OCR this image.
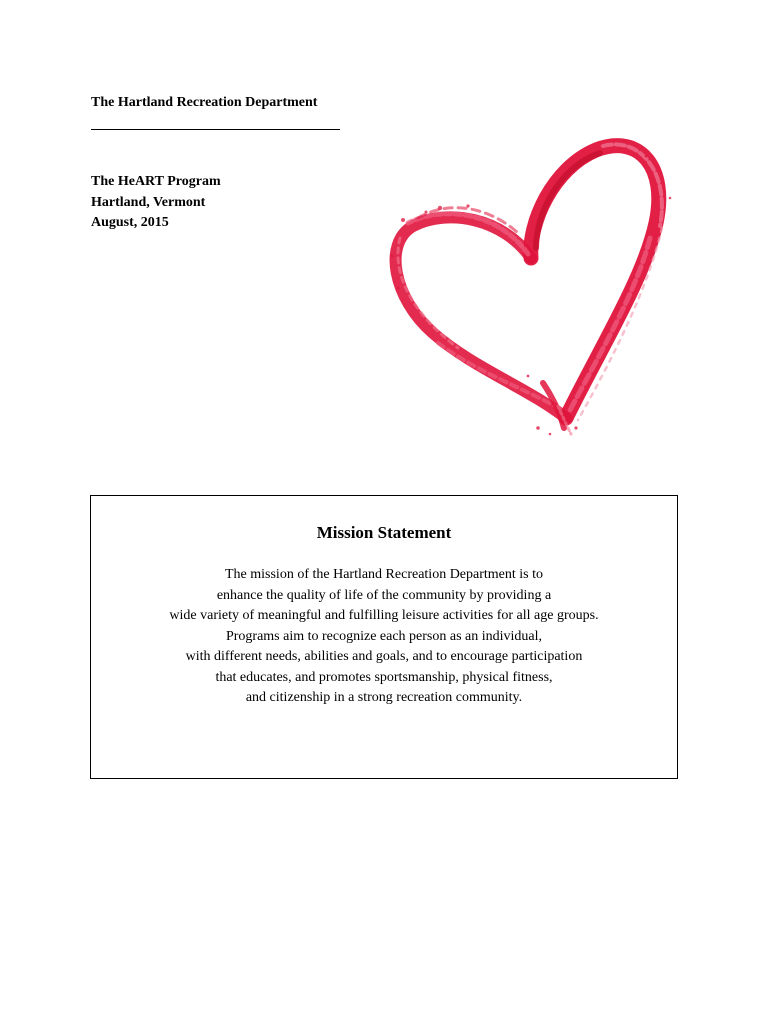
The Hartland Recreation Department
The HeART Program
Hartland, Vermont
August, 2015
Mission Statement
The mission of the Hartland Recreation Department is to
enhance the quality of life of the community by providing a
wide variety of meaningful and fulfilling leisure activities for all age groups.
Programs aim to recognize each person as an individual,
with different needs, abilities and goals, and to encourage participation
that educates, and promotes sportsmanship, physical fitness,
and citizenship in a strong recreation community.
